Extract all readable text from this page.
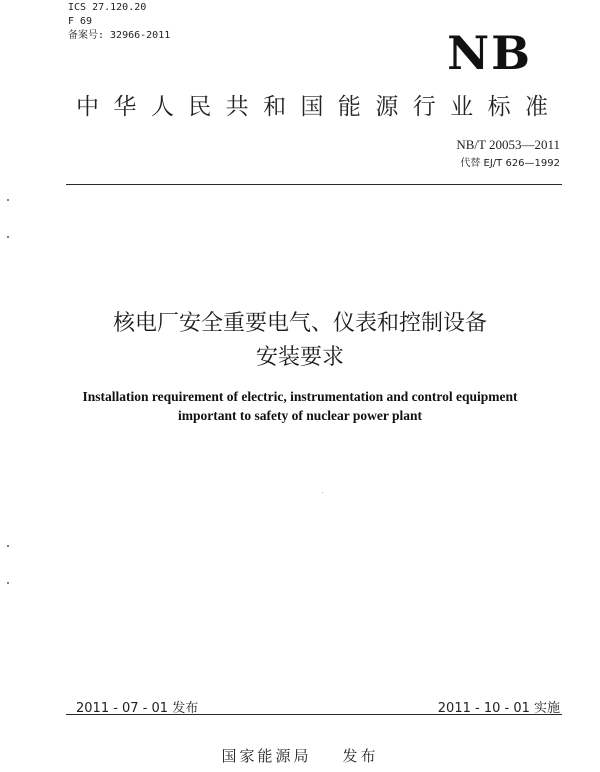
ICS 27.120.20
F 69
备案号: 32966-2011	NB
中华人民共和国能源行业标准
NB/T 20053—2011
代替 EJ/T 626—1992
核电厂安全重要电气、仪表和控制设备
安装要求
Installation requirement of electric, instrumentation and control equipment
important to safety of nuclear power plant
2011 - 07 - 01 发布	2011 - 10 - 01 实施
国家能源局    发布
